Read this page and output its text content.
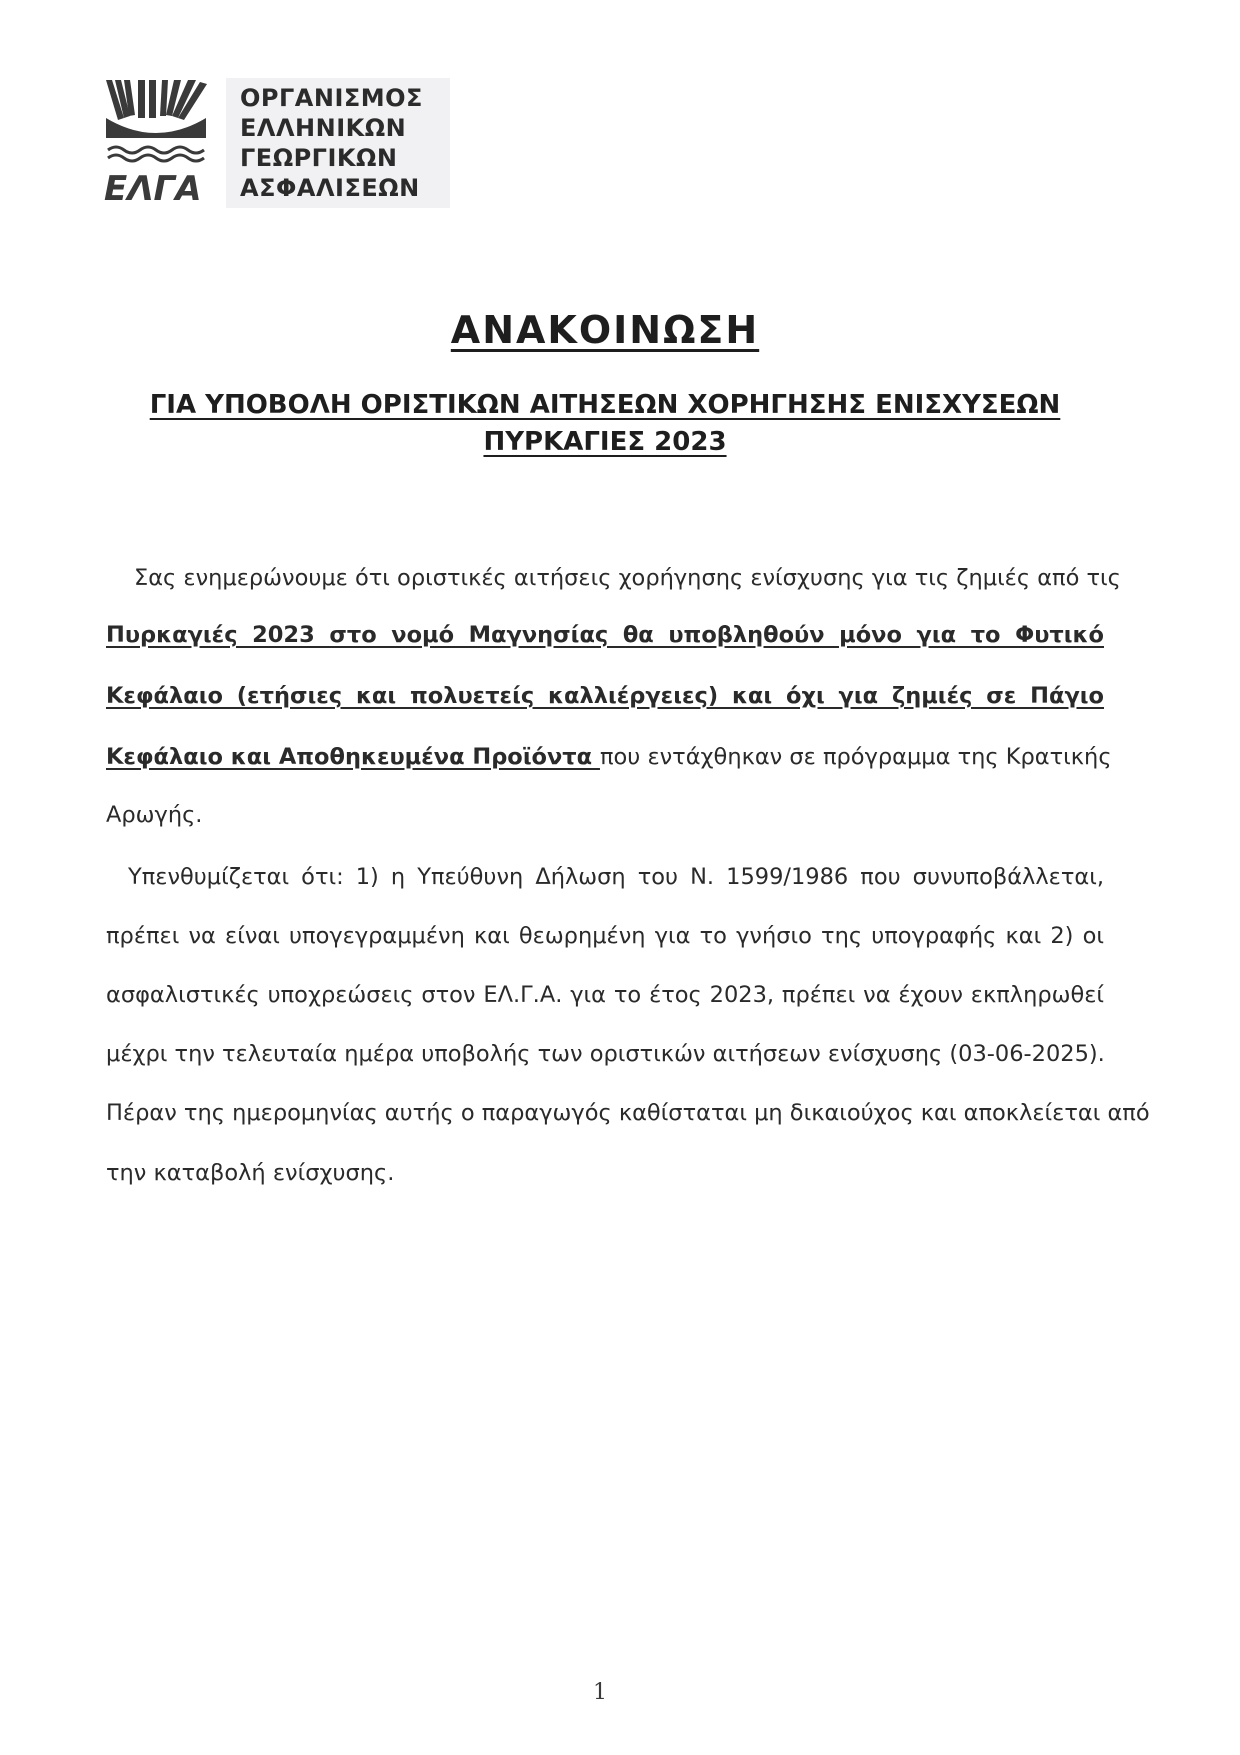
ΕΛΓΑ
ΟΡΓΑΝΙΣΜΟΣ
ΕΛΛΗΝΙΚΩΝ
ΓΕΩΡΓΙΚΩΝ
ΑΣΦΑΛΙΣΕΩΝ
ΑΝΑΚΟΙΝΩΣΗ
ΓΙΑ ΥΠΟΒΟΛΗ ΟΡΙΣΤΙΚΩΝ ΑΙΤΗΣΕΩΝ ΧΟΡΗΓΗΣΗΣ ΕΝΙΣΧΥΣΕΩΝ
ΠΥΡΚΑΓΙΕΣ 2023
Σας ενημερώνουμε ότι οριστικές αιτήσεις χορήγησης ενίσχυσης για τις ζημιές από τις
Πυρκαγιές 2023 στο νομό Μαγνησίας θα υποβληθούν μόνο για το Φυτικό
Κεφάλαιο (ετήσιες και πολυετείς καλλιέργειες) και όχι για ζημιές σε Πάγιο
Κεφάλαιο και Αποθηκευμένα Προϊόντα που εντάχθηκαν σε πρόγραμμα της Κρατικής
Αρωγής.
Υπενθυμίζεται ότι: 1) η Υπεύθυνη Δήλωση του Ν. 1599/1986 που συνυποβάλλεται,
πρέπει να είναι υπογεγραμμένη και θεωρημένη για το γνήσιο της υπογραφής και 2) οι
ασφαλιστικές υποχρεώσεις στον ΕΛ.Γ.Α. για το έτος 2023, πρέπει να έχουν εκπληρωθεί
μέχρι την τελευταία ημέρα υποβολής των οριστικών αιτήσεων ενίσχυσης (03-06-2025).
Πέραν της ημερομηνίας αυτής ο παραγωγός καθίσταται μη δικαιούχος και αποκλείεται από
την καταβολή ενίσχυσης.
1
